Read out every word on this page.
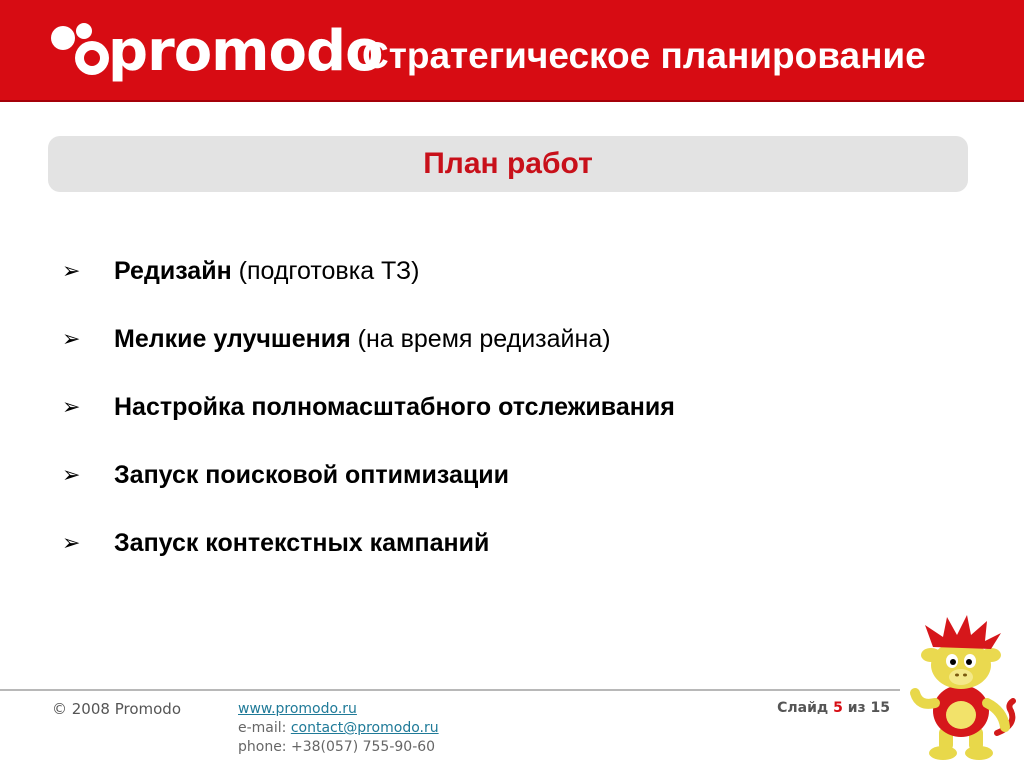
promodo
Стратегическое планирование
План работ
➢ Редизайн (подготовка ТЗ)
➢ Мелкие улучшения (на время редизайна)
➢ Настройка полномасштабного отслеживания
➢ Запуск поисковой оптимизации
➢ Запуск контекстных кампаний
© 2008 Promodo	www.promodo.ru
e-mail: contact@promodo.ru
phone: +38(057) 755-90-60
Слайд 5 из 15
